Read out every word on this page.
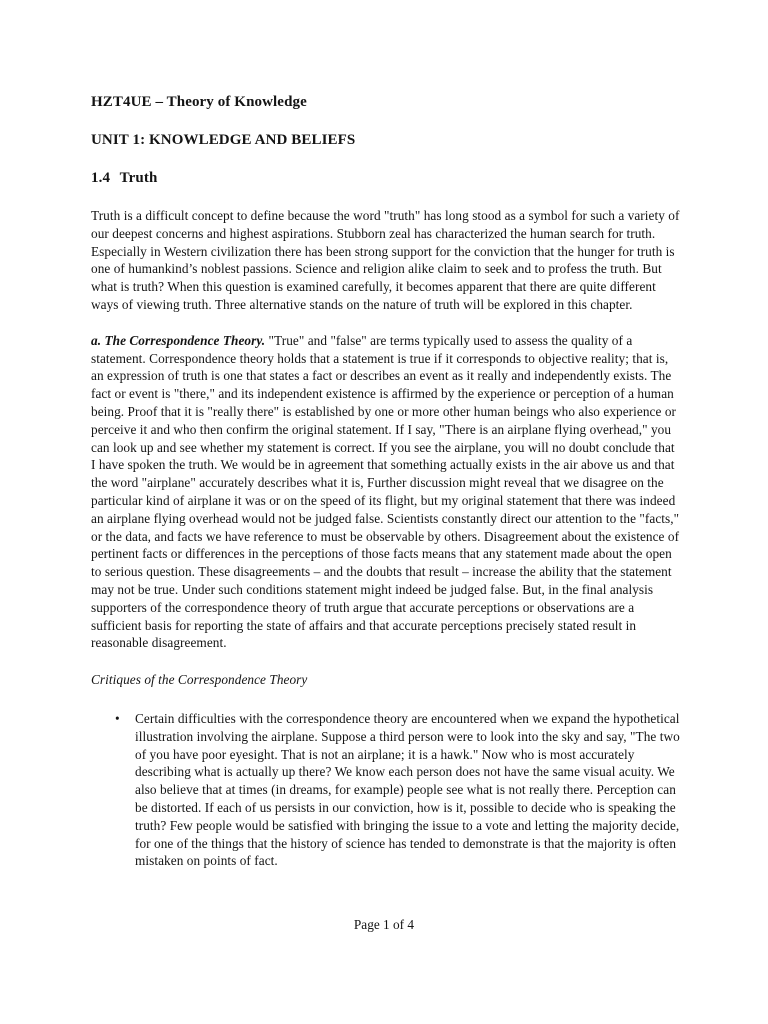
HZT4UE – Theory of Knowledge
UNIT 1: KNOWLEDGE AND BELIEFS
1.4 Truth

Truth is a difficult concept to define because the word "truth" has long stood as a symbol for such a variety of our deepest concerns and highest aspirations. Stubborn zeal has characterized the human search for truth. Especially in Western civilization there has been strong support for the conviction that the hunger for truth is one of humankind’s noblest passions. Science and religion alike claim to seek and to profess the truth. But what is truth? When this question is examined carefully, it becomes apparent that there are quite different ways of viewing truth. Three alternative stands on the nature of truth will be explored in this chapter.

a. The Correspondence Theory. "True" and "false" are terms typically used to assess the quality of a statement. Correspondence theory holds that a statement is true if it corresponds to objective reality; that is, an expression of truth is one that states a fact or describes an event as it really and independently exists. The fact or event is "there," and its independent existence is affirmed by the experience or perception of a human being. Proof that it is "really there" is established by one or more other human beings who also experience or perceive it and who then confirm the original statement. If I say, "There is an airplane flying overhead," you can look up and see whether my statement is correct. If you see the airplane, you will no doubt conclude that I have spoken the truth. We would be in agreement that something actually exists in the air above us and that the word "airplane" accurately describes what it is, Further discussion might reveal that we disagree on the particular kind of airplane it was or on the speed of its flight, but my original statement that there was indeed an airplane flying overhead would not be judged false. Scientists constantly direct our attention to the "facts," or the data, and facts we have reference to must be observable by others. Disagreement about the existence of pertinent facts or differences in the perceptions of those facts means that any statement made about the open to serious question. These disagreements – and the doubts that result – increase the ability that the statement may not be true. Under such conditions statement might indeed be judged false. But, in the final analysis supporters of the correspondence theory of truth argue that accurate perceptions or observations are a sufficient basis for reporting the state of affairs and that accurate perceptions precisely stated result in reasonable disagreement.

Critiques of the Correspondence Theory

• Certain difficulties with the correspondence theory are encountered when we expand the hypothetical illustration involving the airplane. Suppose a third person were to look into the sky and say, "The two of you have poor eyesight. That is not an airplane; it is a hawk." Now who is most accurately describing what is actually up there? We know each person does not have the same visual acuity. We also believe that at times (in dreams, for example) people see what is not really there. Perception can be distorted. If each of us persists in our conviction, how is it, possible to decide who is speaking the truth? Few people would be satisfied with bringing the issue to a vote and letting the majority decide, for one of the things that the history of science has tended to demonstrate is that the majority is often mistaken on points of fact.
Page 1 of 4
